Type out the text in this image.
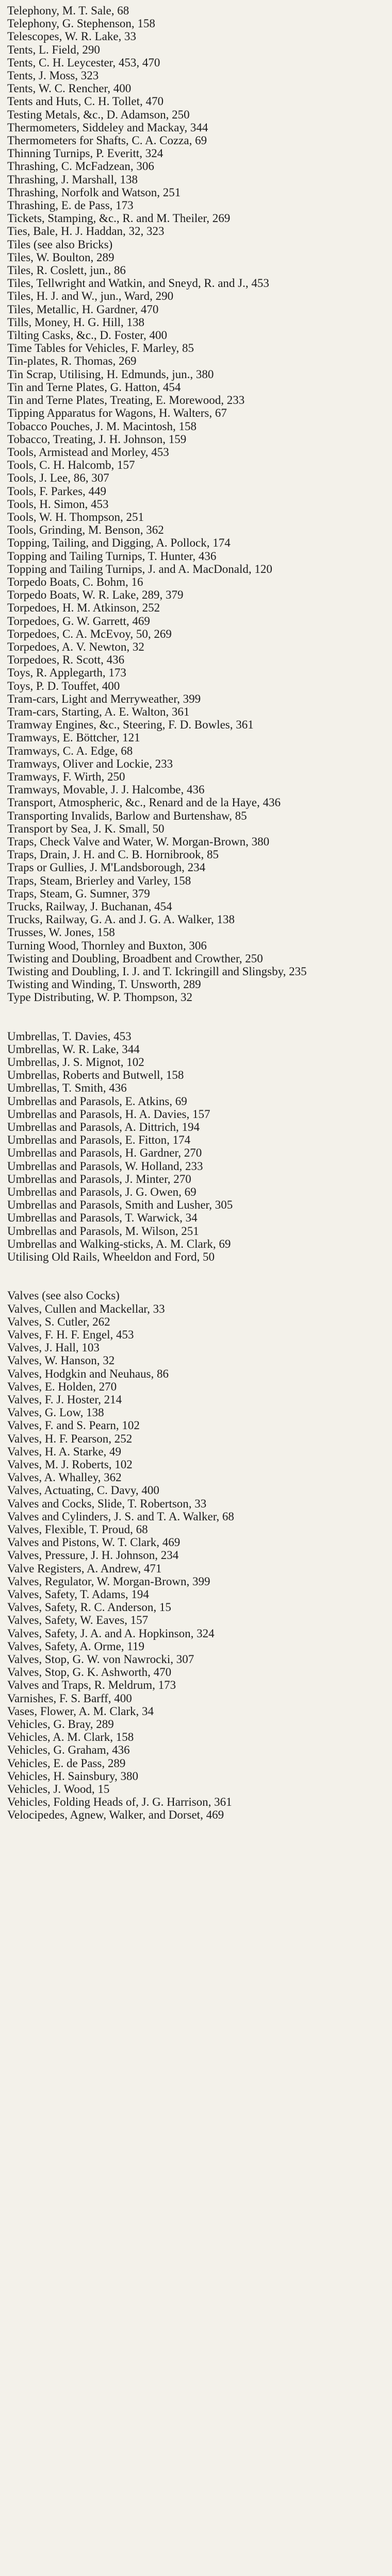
Telephony, M. T. Sale, 68

Telephony, G. Stephenson, 158

Telescopes, W. R. Lake, 33

Tents, L. Field, 290

Tents, C. H. Leycester, 453, 470

Tents, J. Moss, 323

Tents, W. C. Rencher, 400

Tents and Huts, C. H. Tollet, 470

Testing Metals, &c., D. Adamson, 250

Thermometers, Siddeley and Mackay, 344

Thermometers for Shafts, C. A. Cozza, 69

Thinning Turnips, P. Everitt, 324

Thrashing, C. McFadzean, 306

Thrashing, J. Marshall, 138

Thrashing, Norfolk and Watson, 251

Thrashing, E. de Pass, 173

Tickets, Stamping, &c., R. and M. Theiler, 269

Ties, Bale, H. J. Haddan, 32, 323

Tiles (see also Bricks)

Tiles, W. Boulton, 289

Tiles, R. Coslett, jun., 86

Tiles, Tellwright and Watkin, and Sneyd, R. and J., 453

Tiles, H. J. and W., jun., Ward, 290

Tiles, Metallic, H. Gardner, 470

Tills, Money, H. G. Hill, 138

Tilting Casks, &c., D. Foster, 400

Time Tables for Vehicles, F. Marley, 85

Tin-plates, R. Thomas, 269

Tin Scrap, Utilising, H. Edmunds, jun., 380

Tin and Terne Plates, G. Hatton, 454

Tin and Terne Plates, Treating, E. Morewood, 233

Tipping Apparatus for Wagons, H. Walters, 67

Tobacco Pouches, J. M. Macintosh, 158

Tobacco, Treating, J. H. Johnson, 159

Tools, Armistead and Morley, 453

Tools, C. H. Halcomb, 157

Tools, J. Lee, 86, 307

Tools, F. Parkes, 449

Tools, H. Simon, 453

Tools, W. H. Thompson, 251

Tools, Grinding, M. Benson, 362

Topping, Tailing, and Digging, A. Pollock, 174

Topping and Tailing Turnips, T. Hunter, 436

Topping and Tailing Turnips, J. and A. MacDonald, 120

Torpedo Boats, C. Bohm, 16

Torpedo Boats, W. R. Lake, 289, 379

Torpedoes, H. M. Atkinson, 252

Torpedoes, G. W. Garrett, 469

Torpedoes, C. A. McEvoy, 50, 269

Torpedoes, A. V. Newton, 32

Torpedoes, R. Scott, 436

Toys, R. Applegarth, 173

Toys, P. D. Touffet, 400

Tram-cars, Light and Merryweather, 399

Tram-cars, Starting, A. E. Walton, 361

Tramway Engines, &c., Steering, F. D. Bowles, 361

Tramways, E. Böttcher, 121

Tramways, C. A. Edge, 68

Tramways, Oliver and Lockie, 233

Tramways, F. Wirth, 250

Tramways, Movable, J. J. Halcombe, 436

Transport, Atmospheric, &c., Renard and de la Haye, 436

Transporting Invalids, Barlow and Burtenshaw, 85

Transport by Sea, J. K. Small, 50

Traps, Check Valve and Water, W. Morgan-Brown, 380

Traps, Drain, J. H. and C. B. Hornibrook, 85

Traps or Gullies, J. M'Landsborough, 234

Traps, Steam, Brierley and Varley, 158

Traps, Steam, G. Sumner, 379

Trucks, Railway, J. Buchanan, 454

Trucks, Railway, G. A. and J. G. A. Walker, 138

Trusses, W. Jones, 158

Turning Wood, Thornley and Buxton, 306

Twisting and Doubling, Broadbent and Crowther, 250

Twisting and Doubling, I. J. and T. Ickringill and Slingsby, 235

Twisting and Winding, T. Unsworth, 289

Type Distributing, W. P. Thompson, 32

Umbrellas, T. Davies, 453

Umbrellas, W. R. Lake, 344

Umbrellas, J. S. Mignot, 102

Umbrellas, Roberts and Butwell, 158

Umbrellas, T. Smith, 436

Umbrellas and Parasols, E. Atkins, 69

Umbrellas and Parasols, H. A. Davies, 157

Umbrellas and Parasols, A. Dittrich, 194

Umbrellas and Parasols, E. Fitton, 174

Umbrellas and Parasols, H. Gardner, 270

Umbrellas and Parasols, W. Holland, 233

Umbrellas and Parasols, J. Minter, 270

Umbrellas and Parasols, J. G. Owen, 69

Umbrellas and Parasols, Smith and Lusher, 305

Umbrellas and Parasols, T. Warwick, 34

Umbrellas and Parasols, M. Wilson, 251

Umbrellas and Walking-sticks, A. M. Clark, 69

Utilising Old Rails, Wheeldon and Ford, 50

Valves (see also Cocks)

Valves, Cullen and Mackellar, 33

Valves, S. Cutler, 262

Valves, F. H. F. Engel, 453

Valves, J. Hall, 103

Valves, W. Hanson, 32

Valves, Hodgkin and Neuhaus, 86

Valves, E. Holden, 270

Valves, F. J. Hoster, 214

Valves, G. Low, 138

Valves, F. and S. Pearn, 102

Valves, H. F. Pearson, 252

Valves, H. A. Starke, 49

Valves, M. J. Roberts, 102

Valves, A. Whalley, 362

Valves, Actuating, C. Davy, 400

Valves and Cocks, Slide, T. Robertson, 33

Valves and Cylinders, J. S. and T. A. Walker, 68

Valves, Flexible, T. Proud, 68

Valves and Pistons, W. T. Clark, 469

Valves, Pressure, J. H. Johnson, 234

Valve Registers, A. Andrew, 471

Valves, Regulator, W. Morgan-Brown, 399

Valves, Safety, T. Adams, 194

Valves, Safety, R. C. Anderson, 15

Valves, Safety, W. Eaves, 157

Valves, Safety, J. A. and A. Hopkinson, 324

Valves, Safety, A. Orme, 119

Valves, Stop, G. W. von Nawrocki, 307

Valves, Stop, G. K. Ashworth, 470

Valves and Traps, R. Meldrum, 173

Varnishes, F. S. Barff, 400

Vases, Flower, A. M. Clark, 34

Vehicles, G. Bray, 289

Vehicles, A. M. Clark, 158

Vehicles, G. Graham, 436

Vehicles, E. de Pass, 289

Vehicles, H. Sainsbury, 380

Vehicles, J. Wood, 15

Vehicles, Folding Heads of, J. G. Harrison, 361

Velocipedes, Agnew, Walker, and Dorset, 469
